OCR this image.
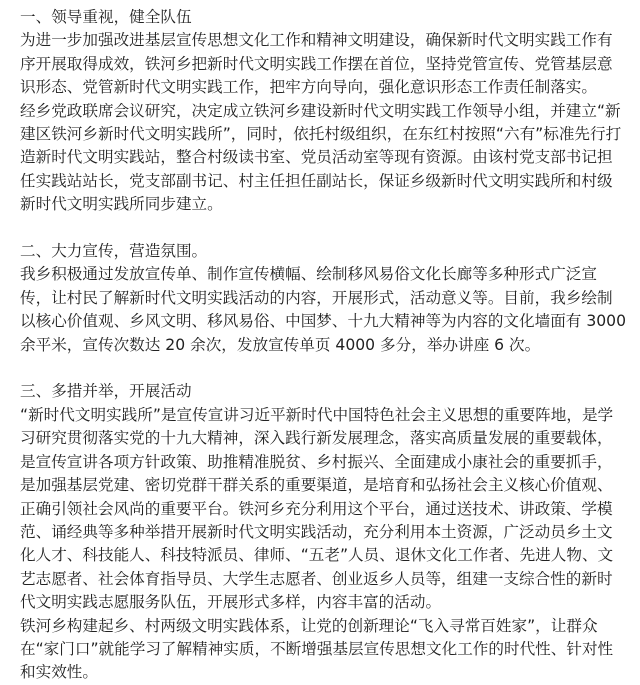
一、领导重视，健全队伍

为进一步加强改进基层宣传思想文化工作和精神文明建设，确保新时代文明实践工作有序开展取得成效，铁河乡把新时代文明实践工作摆在首位，坚持党管宣传、党管基层意识形态、党管新时代文明实践工作，把牢方向导向，强化意识形态工作责任制落实。

经乡党政联席会议研究，决定成立铁河乡建设新时代文明实践工作领导小组，并建立“新建区铁河乡新时代文明实践所”，同时，依托村级组织，在东红村按照“六有”标准先行打造新时代文明实践站，整合村级读书室、党员活动室等现有资源。由该村党支部书记担任实践站站长，党支部副书记、村主任担任副站长，保证乡级新时代文明实践所和村级新时代文明实践所同步建立。

二、大力宣传，营造氛围。

我乡积极通过发放宣传单、制作宣传横幅、绘制移风易俗文化长廊等多种形式广泛宣传，让村民了解新时代文明实践活动的内容，开展形式，活动意义等。目前，我乡绘制以核心价值观、乡风文明、移风易俗、中国梦、十九大精神等为内容的文化墙面有 3000 余平米，宣传次数达 20 余次，发放宣传单页 4000 多分，举办讲座 6 次。

三、多措并举，开展活动

“新时代文明实践所”是宣传宣讲习近平新时代中国特色社会主义思想的重要阵地，是学习研究贯彻落实党的十九大精神，深入践行新发展理念，落实高质量发展的重要载体，是宣传宣讲各项方针政策、助推精准脱贫、乡村振兴、全面建成小康社会的重要抓手，是加强基层党建、密切党群干群关系的重要渠道，是培育和弘扬社会主义核心价值观、正确引领社会风尚的重要平台。铁河乡充分利用这个平台，通过送技术、讲政策、学模范、诵经典等多种举措开展新时代文明实践活动，充分利用本土资源，广泛动员乡土文化人才、科技能人、科技特派员、律师、“五老”人员、退休文化工作者、先进人物、文艺志愿者、社会体育指导员、大学生志愿者、创业返乡人员等，组建一支综合性的新时代文明实践志愿服务队伍，开展形式多样，内容丰富的活动。

铁河乡构建起乡、村两级文明实践体系，让党的创新理论“飞入寻常百姓家”，让群众在“家门口”就能学习了解精神实质，不断增强基层宣传思想文化工作的时代性、针对性和实效性。
